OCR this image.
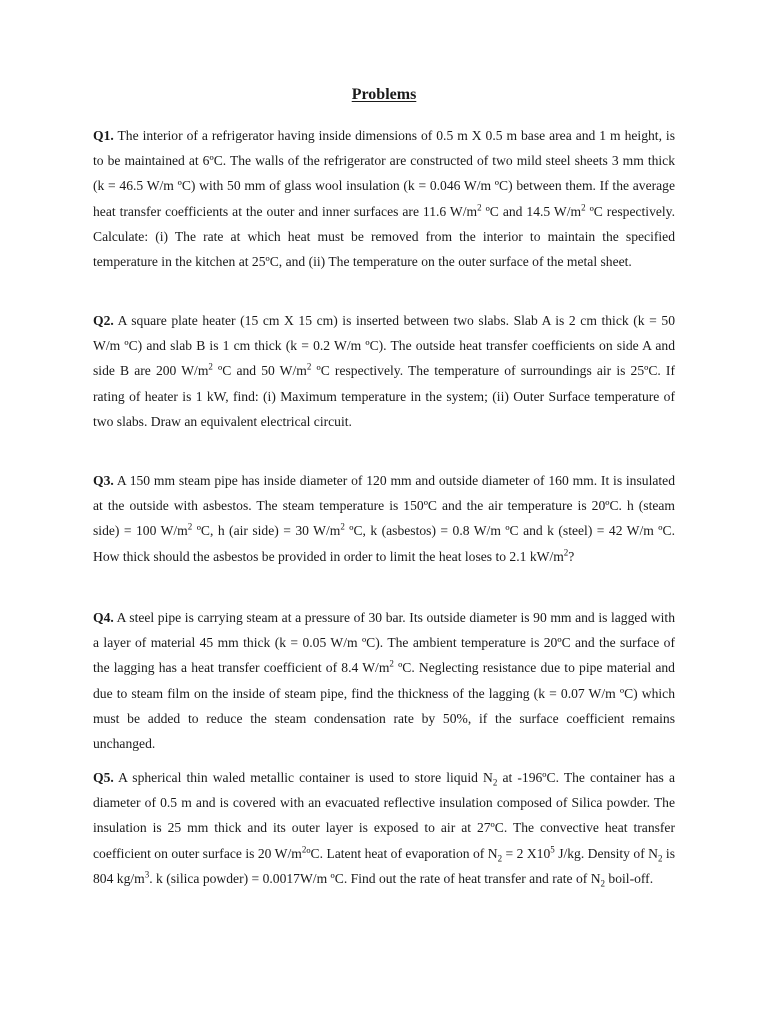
Problems

Q1. The interior of a refrigerator having inside dimensions of 0.5 m X 0.5 m base area and 1 m height, is to be maintained at 6ºC. The walls of the refrigerator are constructed of two mild steel sheets 3 mm thick (k = 46.5 W/m ºC) with 50 mm of glass wool insulation (k = 0.046 W/m ºC) between them. If the average heat transfer coefficients at the outer and inner surfaces are 11.6 $W/m^2$ ºC and 14.5 $W/m^2$ ºC respectively. Calculate: (i) The rate at which heat must be removed from the interior to maintain the specified temperature in the kitchen at 25ºC, and (ii) The temperature on the outer surface of the metal sheet.

Q2. A square plate heater (15 cm X 15 cm) is inserted between two slabs. Slab A is 2 cm thick (k = 50 W/m ºC) and slab B is 1 cm thick (k = 0.2 W/m ºC). The outside heat transfer coefficients on side A and side B are 200 $W/m^2$ ºC and 50 $W/m^2$ ºC respectively. The temperature of surroundings air is 25ºC. If rating of heater is 1 kW, find: (i) Maximum temperature in the system; (ii) Outer Surface temperature of two slabs. Draw an equivalent electrical circuit.

Q3. A 150 mm steam pipe has inside diameter of 120 mm and outside diameter of 160 mm. It is insulated at the outside with asbestos. The steam temperature is 150ºC and the air temperature is 20ºC. h (steam side) = 100 $W/m^2$ ºC, h (air side) = 30 $W/m^2$ ºC, k (asbestos) = 0.8 W/m ºC and k (steel) = 42 W/m ºC. How thick should the asbestos be provided in order to limit the heat loses to 2.1 $kW/m^2$?

Q4. A steel pipe is carrying steam at a pressure of 30 bar. Its outside diameter is 90 mm and is lagged with a layer of material 45 mm thick (k = 0.05 W/m ºC). The ambient temperature is 20ºC and the surface of the lagging has a heat transfer coefficient of 8.4 $W/m^2$ ºC. Neglecting resistance due to pipe material and due to steam film on the inside of steam pipe, find the thickness of the lagging (k = 0.07 W/m ºC) which must be added to reduce the steam condensation rate by 50%, if the surface coefficient remains unchanged.

Q5. A spherical thin waled metallic container is used to store liquid $N_2$ at -196ºC. The container has a diameter of 0.5 m and is covered with an evacuated reflective insulation composed of Silica powder. The insulation is 25 mm thick and its outer layer is exposed to air at 27ºC. The convective heat transfer coefficient on outer surface is 20 $W/m^2ºC$. Latent heat of evaporation of $N_2 = 2$ $X10^5$ J/kg. Density of $N_2$ is 804 $kg/m^3$. k (silica powder) = 0.0017W/m ºC. Find out the rate of heat transfer and rate of $N_2$ boil-off.
